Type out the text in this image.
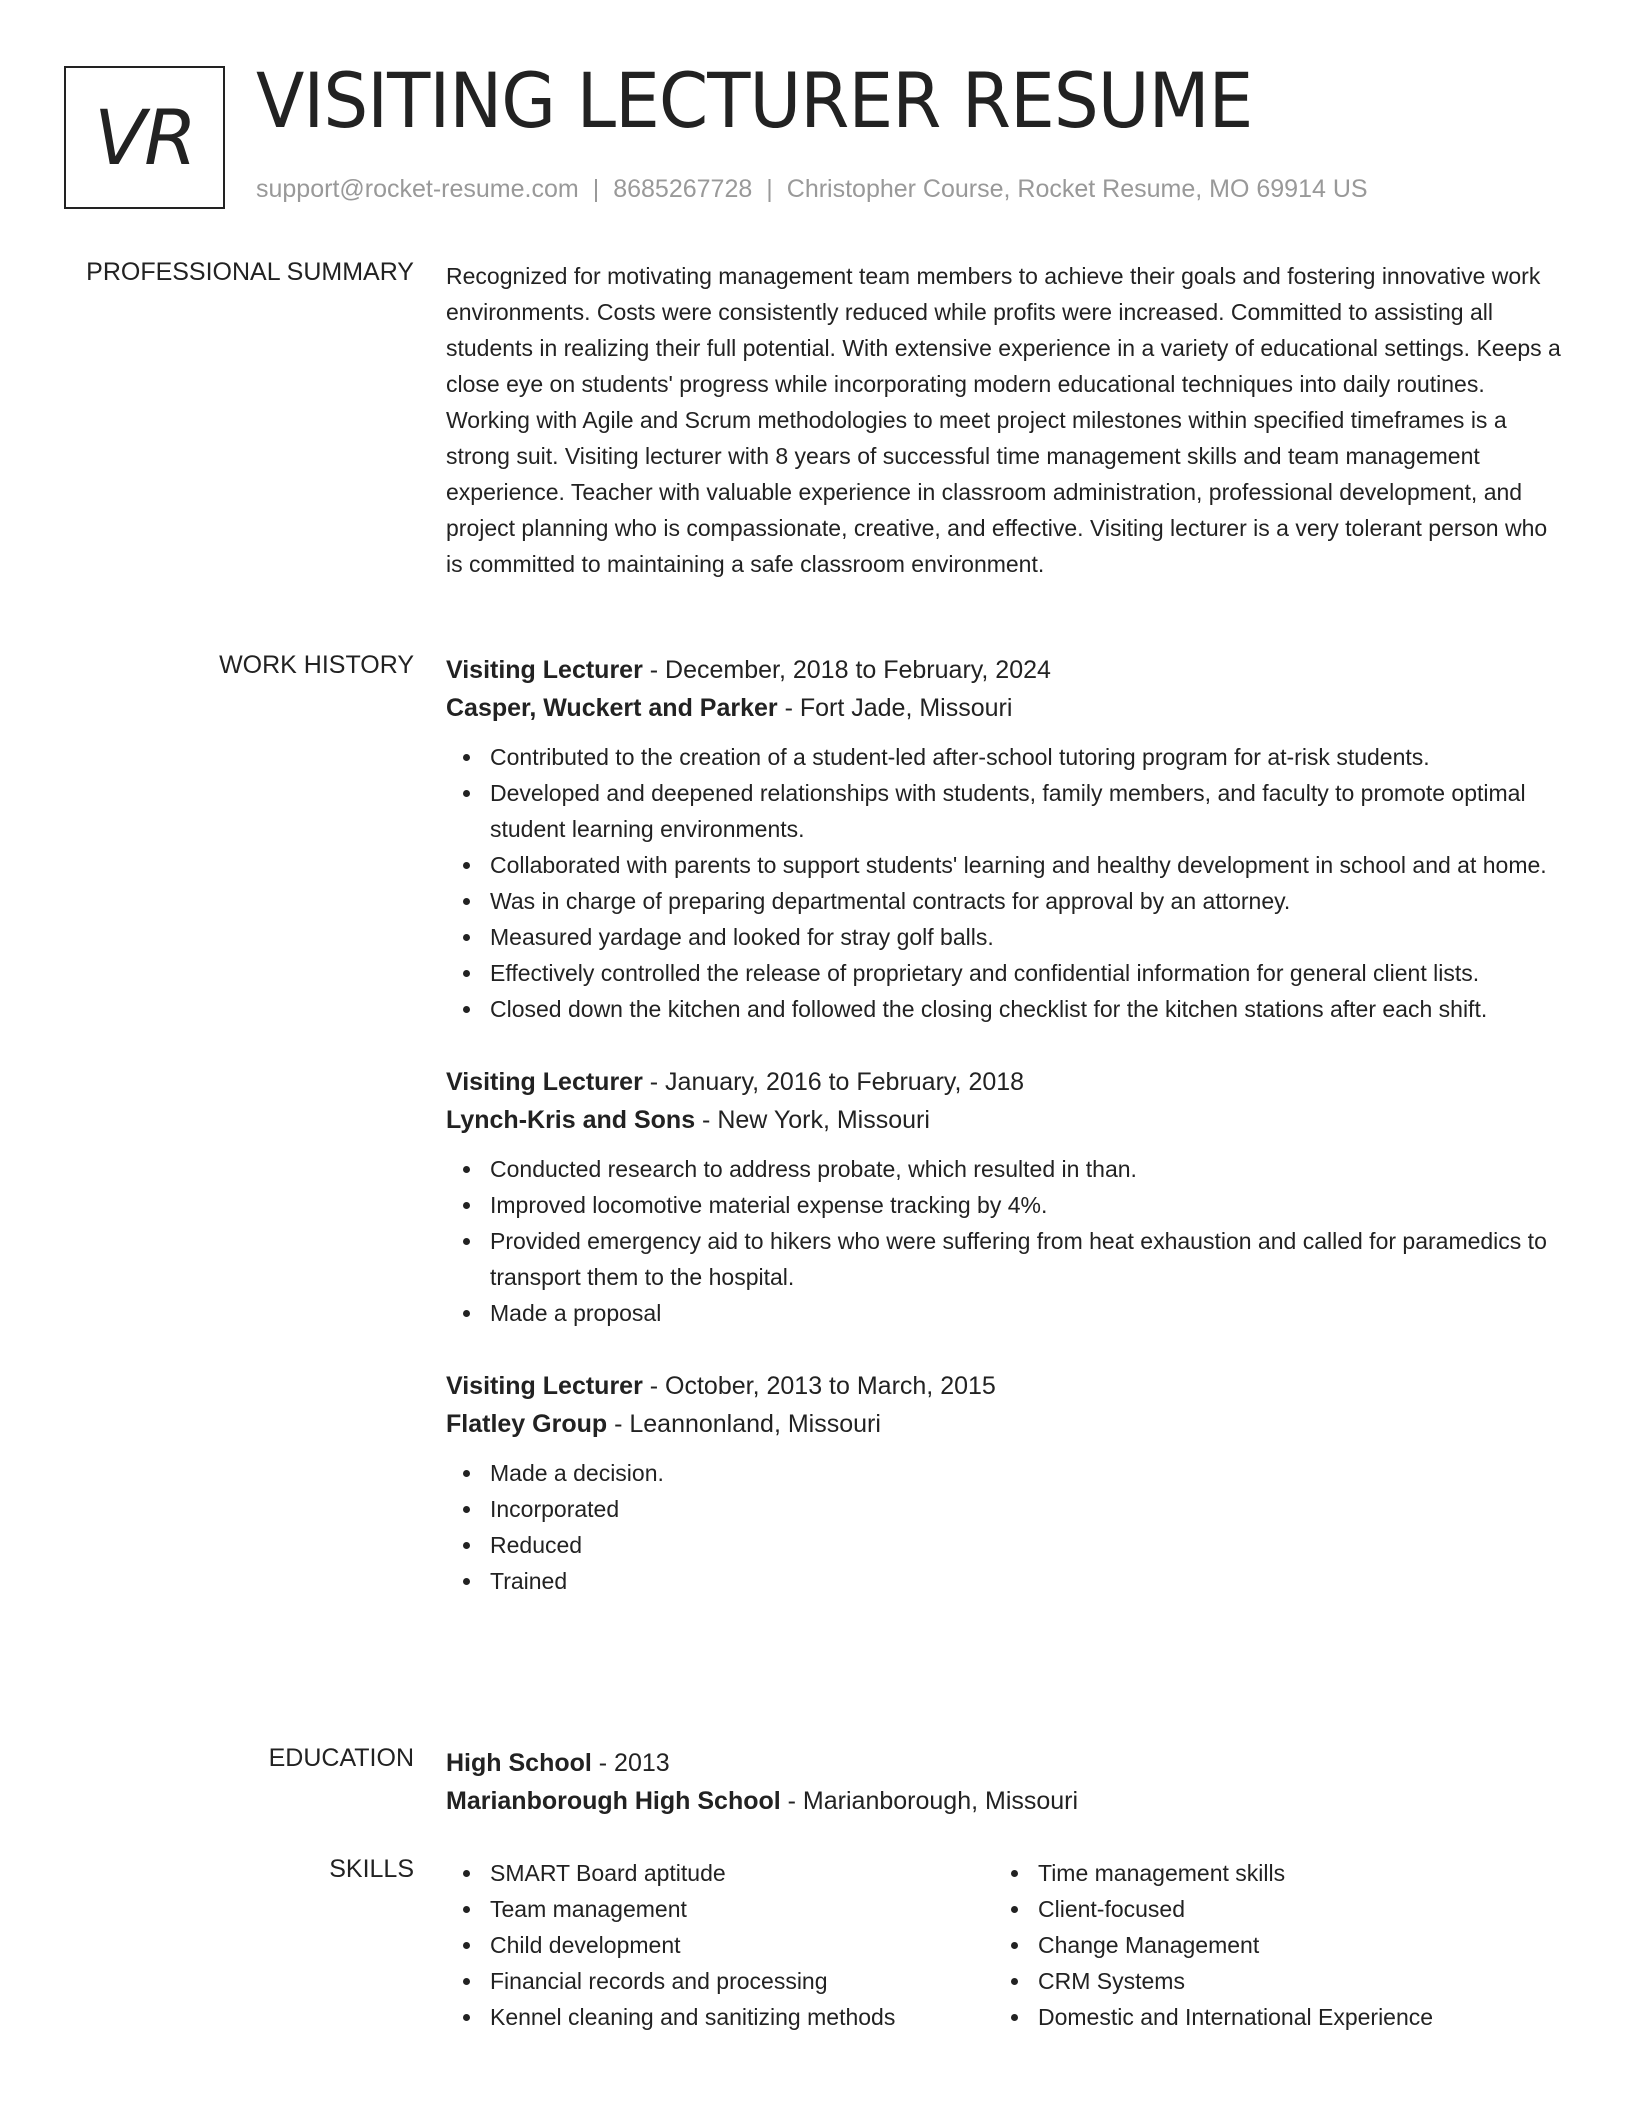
VR VISITING LECTURER RESUME
support@rocket-resume.com | 8685267728 | Christopher Course, Rocket Resume, MO 69914 US
PROFESSIONAL SUMMARY Recognized for motivating management team members to achieve their goals and fostering innovative work environments. Costs were consistently reduced while profits were increased. Committed to assisting all students in realizing their full potential. With extensive experience in a variety of educational settings. Keeps a close eye on students' progress while incorporating modern educational techniques into daily routines. Working with Agile and Scrum methodologies to meet project milestones within specified timeframes is a strong suit. Visiting lecturer with 8 years of successful time management skills and team management experience. Teacher with valuable experience in classroom administration, professional development, and project planning who is compassionate, creative, and effective. Visiting lecturer is a very tolerant person who is committed to maintaining a safe classroom environment.
WORK HISTORY Visiting Lecturer - December, 2018 to February, 2024
Casper, Wuckert and Parker - Fort Jade, Missouri
Contributed to the creation of a student-led after-school tutoring program for at-risk students.
Developed and deepened relationships with students, family members, and faculty to promote optimal student learning environments.
Collaborated with parents to support students' learning and healthy development in school and at home.
Was in charge of preparing departmental contracts for approval by an attorney.
Measured yardage and looked for stray golf balls.
Effectively controlled the release of proprietary and confidential information for general client lists.
Closed down the kitchen and followed the closing checklist for the kitchen stations after each shift.
Visiting Lecturer - January, 2016 to February, 2018
Lynch-Kris and Sons - New York, Missouri
Conducted research to address probate, which resulted in than.
Improved locomotive material expense tracking by 4%.
Provided emergency aid to hikers who were suffering from heat exhaustion and called for paramedics to transport them to the hospital.
Made a proposal
Visiting Lecturer - October, 2013 to March, 2015
Flatley Group - Leannonland, Missouri
Made a decision.
Incorporated
Reduced
Trained
EDUCATION High School - 2013
Marianborough High School - Marianborough, Missouri
SKILLS	SMART Board aptitude
Team management
Child development
Financial records and processing
Kennel cleaning and sanitizing methods
Time management skills
Client-focused
Change Management
CRM Systems
Domestic and International Experience
